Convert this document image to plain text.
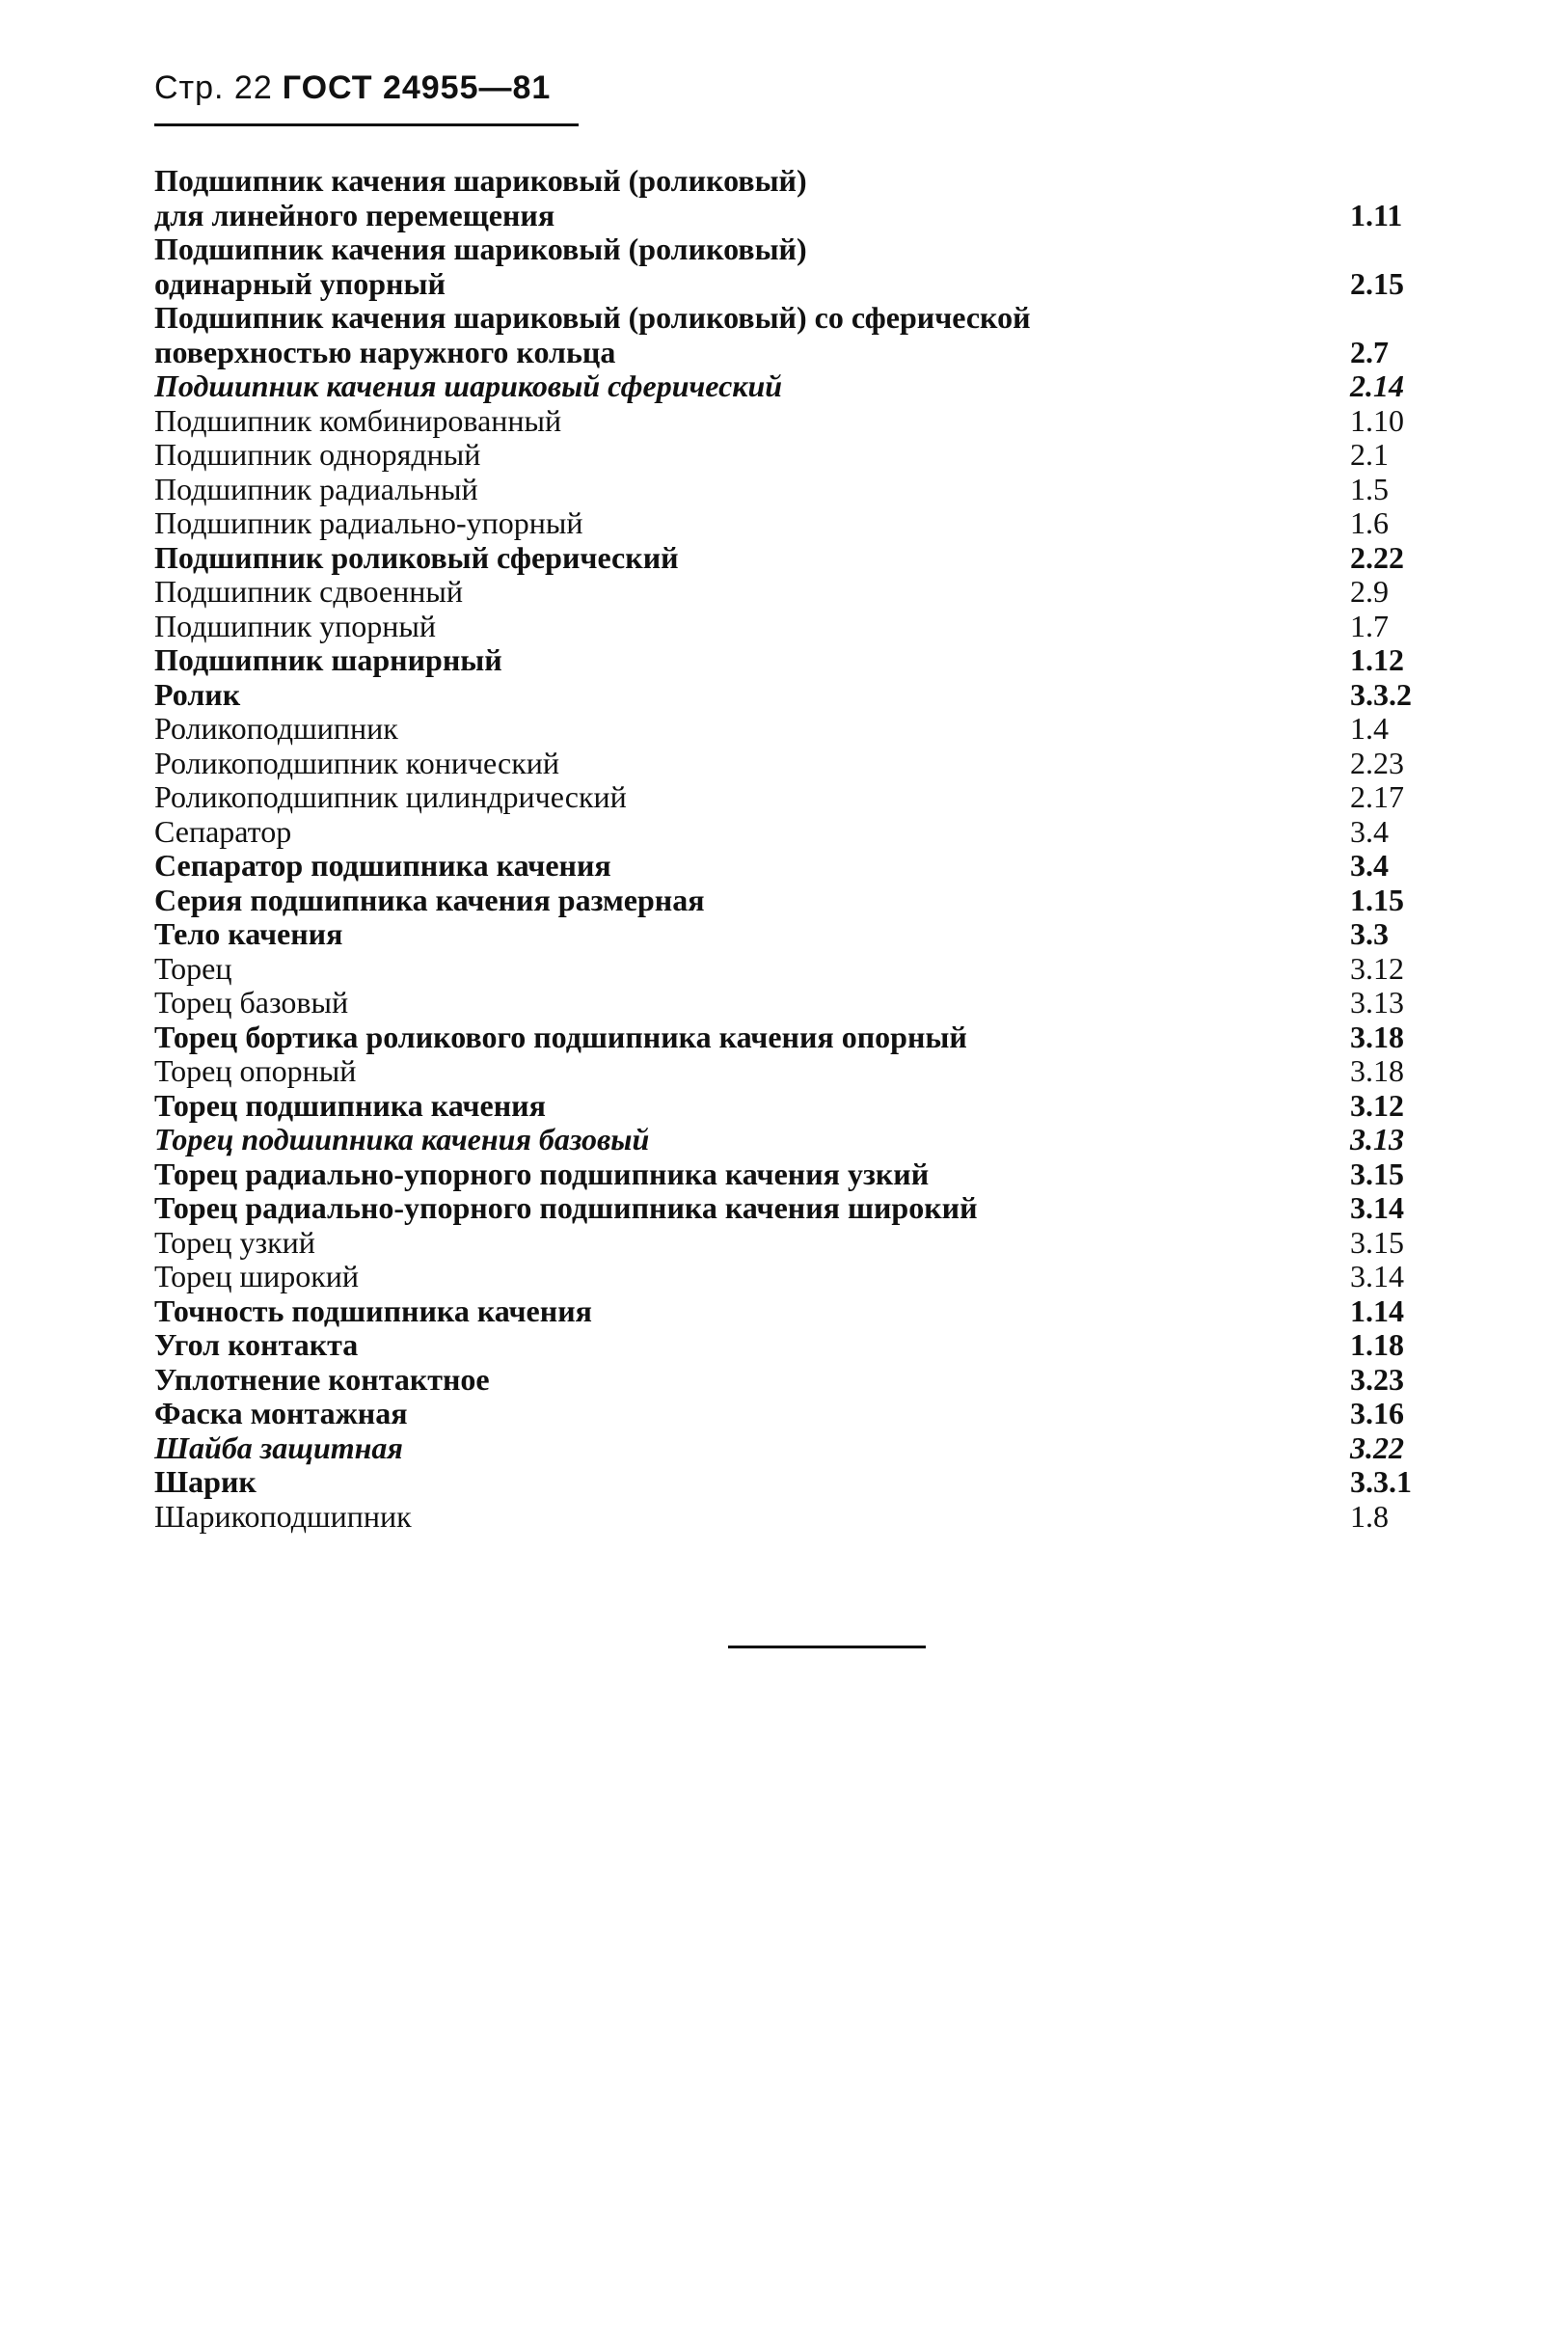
Стр. 22 ГОСТ 24955—81
Подшипник качения шариковый (роликовый)
для линейного перемещения	1.11
Подшипник качения шариковый (роликовый)
одинарный упорный	2.15
Подшипник качения шариковый (роликовый) со сферической
поверхностью наружного кольца	2.7
Подшипник качения шариковый сферический	2.14
Подшипник комбинированный	1.10
Подшипник однорядный	2.1
Подшипник радиальный	1.5
Подшипник радиально-упорный	1.6
Подшипник роликовый сферический	2.22
Подшипник сдвоенный	2.9
Подшипник упорный	1.7
Подшипник шарнирный	1.12
Ролик	3.3.2
Роликоподшипник	1.4
Роликоподшипник конический	2.23
Роликоподшипник цилиндрический	2.17
Сепаратор	3.4
Сепаратор подшипника качения	3.4
Серия подшипника качения размерная	1.15
Тело качения	3.3
Торец	3.12
Торец базовый	3.13
Торец бортика роликового подшипника качения опорный	3.18
Торец опорный	3.18
Торец подшипника качения	3.12
Торец подшипника качения базовый	3.13
Торец радиально-упорного подшипника качения узкий	3.15
Торец радиально-упорного подшипника качения широкий	3.14
Торец узкий	3.15
Торец широкий	3.14
Точность подшипника качения	1.14
Угол контакта	1.18
Уплотнение контактное	3.23
Фаска монтажная	3.16
Шайба защитная	3.22
Шарик	3.3.1
Шарикоподшипник	1.8
